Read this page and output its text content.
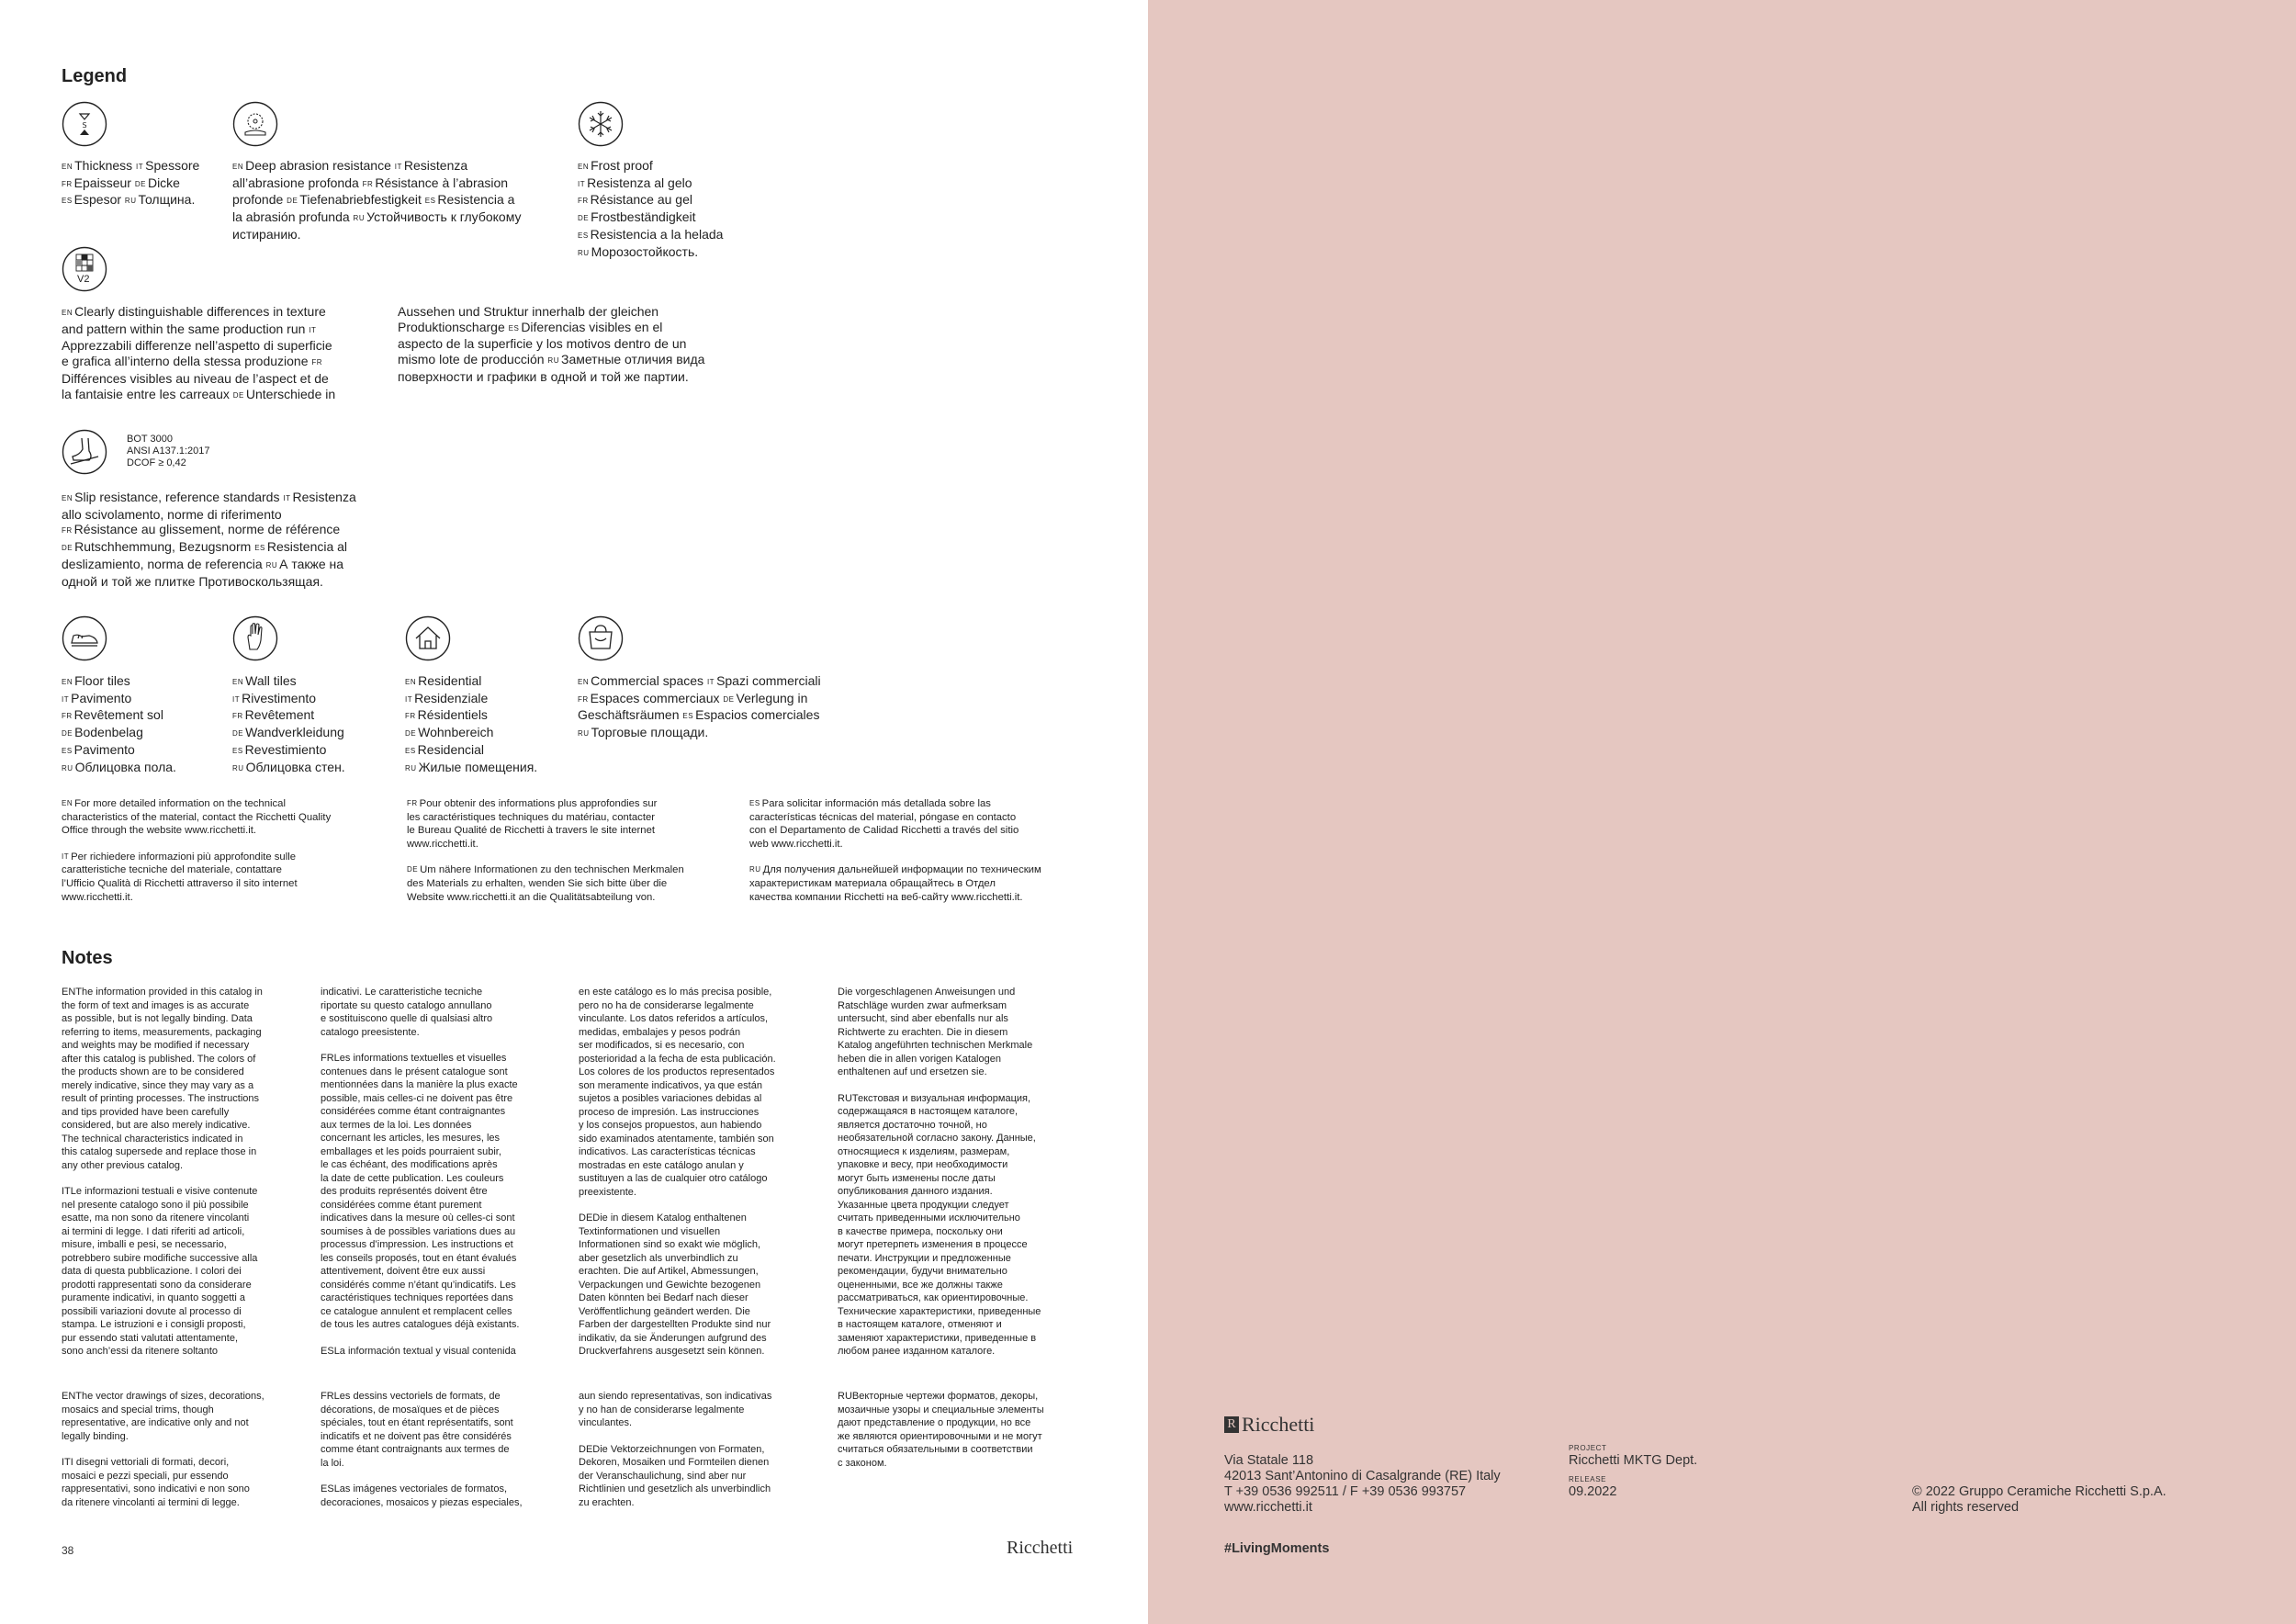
Legend
S
EN Thickness IT Spessore
FR Epaisseur DE Dicke
ES Espesor RU Толщина.
EN Deep abrasion resistance IT Resistenza
all’abrasione profonda FR Résistance à l’abrasion
profonde DE Tiefenabriebfestigkeit ES Resistencia a
la abrasión profunda RU Устойчивость к глубокому
истиранию.
EN Frost proof
IT Resistenza al gelo
FR Résistance au gel
DE Frostbeständigkeit
ES Resistencia a la helada
RU Морозостойкость.
V2
EN Clearly distinguishable differences in texture
and pattern within the same production run IT
Apprezzabili differenze nell’aspetto di superficie
e grafica all’interno della stessa produzione FR
Différences visibles au niveau de l’aspect et de
la fantaisie entre les carreaux DE Unterschiede in
Aussehen und Struktur innerhalb der gleichen
Produktionscharge ES Diferencias visibles en el
aspecto de la superficie y los motivos dentro de un
mismo lote de producción RU Заметные отличия вида
поверхности и графики в одной и той же партии.
BOT 3000
ANSI A137.1:2017
DCOF ≥ 0,42
EN Slip resistance, reference standards IT Resistenza
allo scivolamento, norme di riferimento
FR Résistance au glissement, norme de référence
DE Rutschhemmung, Bezugsnorm ES Resistencia al
deslizamiento, norma de referencia RU А также на
одной и той же плитке Противоскользящая.
EN Floor tiles
IT Pavimento
FR Revêtement sol
DE Bodenbelag
ES Pavimento
RU Облицовка пола.
EN Wall tiles
IT Rivestimento
FR Revêtement
DE Wandverkleidung
ES Revestimiento
RU Облицовка стен.
EN Residential
IT Residenziale
FR Résidentiels
DE Wohnbereich
ES Residencial
RU Жилые помещения.
EN Commercial spaces IT Spazi commerciali
FR Espaces commerciaux DE Verlegung in
Geschäftsräumen ES Espacios comerciales
RU Торговые площади.

EN For more detailed information on the technical
characteristics of the material, contact the Ricchetti Quality
Office through the website www.ricchetti.it.

IT Per richiedere informazioni più approfondite sulle
caratteristiche tecniche del materiale, contattare
l’Ufficio Qualità di Ricchetti attraverso il sito internet
www.ricchetti.it.

FR Pour obtenir des informations plus approfondies sur
les caractéristiques techniques du matériau, contacter
le Bureau Qualité de Ricchetti à travers le site internet
www.ricchetti.it.

DE Um nähere Informationen zu den technischen Merkmalen
des Materials zu erhalten, wenden Sie sich bitte über die
Website www.ricchetti.it an die Qualitätsabteilung von.

ES Para solicitar información más detallada sobre las
características técnicas del material, póngase en contacto
con el Departamento de Calidad Ricchetti a través del sitio
web www.ricchetti.it.

RU Для получения дальнейшей информации по техническим
характеристикам материала обращайтесь в Отдел
качества компании Ricchetti на веб-сайту www.ricchetti.it.

Notes

ENThe information provided in this catalog in
the form of text and images is as accurate
as possible, but is not legally binding. Data
referring to items, measurements, packaging
and weights may be modified if necessary
after this catalog is published. The colors of
the products shown are to be considered
merely indicative, since they may vary as a
result of printing processes. The instructions
and tips provided have been carefully
considered, but are also merely indicative.
The technical characteristics indicated in
this catalog supersede and replace those in
any other previous catalog.

ITLe informazioni testuali e visive contenute
nel presente catalogo sono il più possibile
esatte, ma non sono da ritenere vincolanti
ai termini di legge. I dati riferiti ad articoli,
misure, imballi e pesi, se necessario,
potrebbero subire modifiche successive alla
data di questa pubblicazione. I colori dei
prodotti rappresentati sono da considerare
puramente indicativi, in quanto soggetti a
possibili variazioni dovute al processo di
stampa. Le istruzioni e i consigli proposti,
pur essendo stati valutati attentamente,
sono anch’essi da ritenere soltanto

indicativi. Le caratteristiche tecniche
riportate su questo catalogo annullano
e sostituiscono quelle di qualsiasi altro
catalogo preesistente.

FRLes informations textuelles et visuelles
contenues dans le présent catalogue sont
mentionnées dans la manière la plus exacte
possible, mais celles-ci ne doivent pas être
considérées comme étant contraignantes
aux termes de la loi. Les données
concernant les articles, les mesures, les
emballages et les poids pourraient subir,
le cas échéant, des modifications après
la date de cette publication. Les couleurs
des produits représentés doivent être
considérées comme étant purement
indicatives dans la mesure où celles-ci sont
soumises à de possibles variations dues au
processus d’impression. Les instructions et
les conseils proposés, tout en étant évalués
attentivement, doivent être eux aussi
considérés comme n’étant qu’indicatifs. Les
caractéristiques techniques reportées dans
ce catalogue annulent et remplacent celles
de tous les autres catalogues déjà existants.

ESLa información textual y visual contenida

en este catálogo es lo más precisa posible,
pero no ha de considerarse legalmente
vinculante. Los datos referidos a artículos,
medidas, embalajes y pesos podrán
ser modificados, si es necesario, con
posterioridad a la fecha de esta publicación.
Los colores de los productos representados
son meramente indicativos, ya que están
sujetos a posibles variaciones debidas al
proceso de impresión. Las instrucciones
y los consejos propuestos, aun habiendo
sido examinados atentamente, también son
indicativos. Las características técnicas
mostradas en este catálogo anulan y
sustituyen a las de cualquier otro catálogo
preexistente.

DEDie in diesem Katalog enthaltenen
Textinformationen und visuellen
Informationen sind so exakt wie möglich,
aber gesetzlich als unverbindlich zu
erachten. Die auf Artikel, Abmessungen,
Verpackungen und Gewichte bezogenen
Daten könnten bei Bedarf nach dieser
Veröffentlichung geändert werden. Die
Farben der dargestellten Produkte sind nur
indikativ, da sie Änderungen aufgrund des
Druckverfahrens ausgesetzt sein können.

Die vorgeschlagenen Anweisungen und
Ratschläge wurden zwar aufmerksam
untersucht, sind aber ebenfalls nur als
Richtwerte zu erachten. Die in diesem
Katalog angeführten technischen Merkmale
heben die in allen vorigen Katalogen
enthaltenen auf und ersetzen sie.

RUТекстовая и визуальная информация,
содержащаяся в настоящем каталоге,
является достаточно точной, но
необязательной согласно закону. Данные,
относящиеся к изделиям, размерам,
упаковке и весу, при необходимости
могут быть изменены после даты
опубликования данного издания.
Указанные цвета продукции следует
считать приведенными исключительно
в качестве примера, поскольку они
могут претерпеть изменения в процессе
печати. Инструкции и предложенные
рекомендации, будучи внимательно
оцененными, все же должны также
рассматриваться, как ориентировочные.
Технические характеристики, приведенные
в настоящем каталоге, отменяют и
заменяют характеристики, приведенные в
любом ранее изданном каталоге.

ENThe vector drawings of sizes, decorations,
mosaics and special trims, though
representative, are indicative only and not
legally binding.

ITI disegni vettoriali di formati, decori,
mosaici e pezzi speciali, pur essendo
rappresentativi, sono indicativi e non sono
da ritenere vincolanti ai termini di legge.

FRLes dessins vectoriels de formats, de
décorations, de mosaïques et de pièces
spéciales, tout en étant représentatifs, sont
indicatifs et ne doivent pas être considérés
comme étant contraignants aux termes de
la loi.

ESLas imágenes vectoriales de formatos,
decoraciones, mosaicos y piezas especiales,

aun siendo representativas, son indicativas
y no han de considerarse legalmente
vinculantes.

DEDie Vektorzeichnungen von Formaten,
Dekoren, Mosaiken und Formteilen dienen
der Veranschaulichung, sind aber nur
Richtlinien und gesetzlich als unverbindlich
zu erachten.

RUВекторные чертежи форматов, декоры,
мозаичные узоры и специальные элементы
дают представление о продукции, но все
же являются ориентировочными и не могут
считаться обязательными в соответствии
с законом.

38	Ricchetti
R Ricchetti
Via Statale 118
42013 Sant’Antonino di Casalgrande (RE) Italy
T +39 0536 992511 / F +39 0536 993757
www.ricchetti.it
PROJECT
Ricchetti MKTG Dept.
RELEASE
09.2022	© 2022 Gruppo Ceramiche Ricchetti S.p.A.
All rights reserved
#LivingMoments
